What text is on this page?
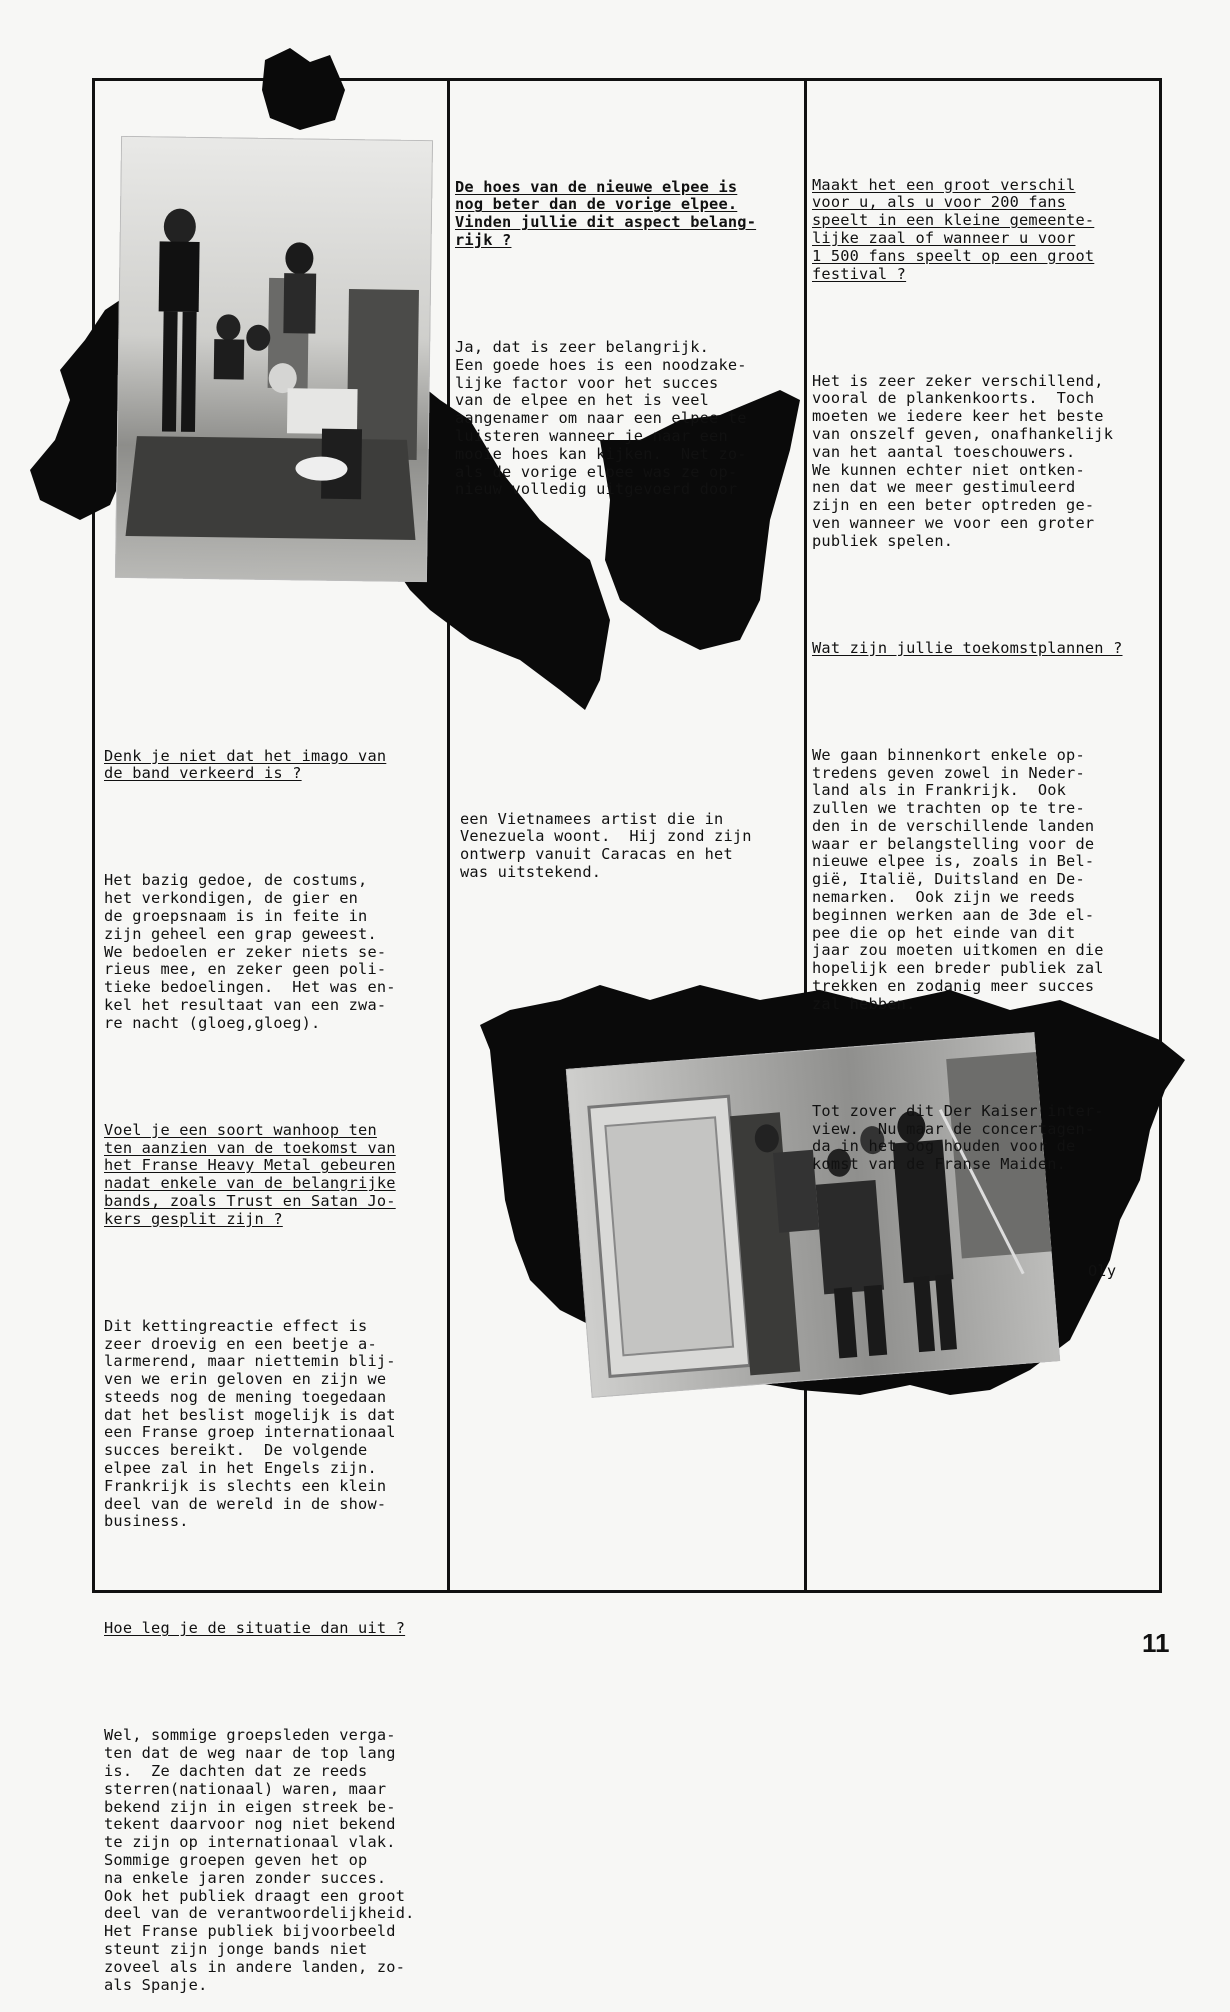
Denk je niet dat het imago van
de band verkeerd is ?

Het bazig gedoe, de costums,
het verkondigen, de gier en
de groepsnaam is in feite in
zijn geheel een grap geweest.
We bedoelen er zeker niets se-
rieus mee, en zeker geen poli-
tieke bedoelingen.  Het was en-
kel het resultaat van een zwa-
re nacht (gloeg,gloeg).

Voel je een soort wanhoop ten
ten aanzien van de toekomst van
het Franse Heavy Metal gebeuren
nadat enkele van de belangrijke
bands, zoals Trust en Satan Jo-
kers gesplit zijn ?

Dit kettingreactie effect is
zeer droevig en een beetje a-
larmerend, maar niettemin blij-
ven we erin geloven en zijn we
steeds nog de mening toegedaan
dat het beslist mogelijk is dat
een Franse groep internationaal
succes bereikt.  De volgende
elpee zal in het Engels zijn.
Frankrijk is slechts een klein
deel van de wereld in de show-
business.

Hoe leg je de situatie dan uit ?

Wel, sommige groepsleden verga-
ten dat de weg naar de top lang
is.  Ze dachten dat ze reeds
sterren(nationaal) waren, maar
bekend zijn in eigen streek be-
tekent daarvoor nog niet bekend
te zijn op internationaal vlak.
Sommige groepen geven het op
na enkele jaren zonder succes.
Ook het publiek draagt een groot
deel van de verantwoordelijkheid.
Het Franse publiek bijvoorbeeld
steunt zijn jonge bands niet
zoveel als in andere landen, zo-
als Spanje.

De hoes van de nieuwe elpee is
nog beter dan de vorige elpee.
Vinden jullie dit aspect belang-
rijk ?

Ja, dat is zeer belangrijk.
Een goede hoes is een noodzake-
lijke factor voor het succes
van de elpee en het is veel
aangenamer om naar een elpee te
luisteren wanneer je naar een
mooie hoes kan kijken.  Net zo-
als de vorige elpee was ze op-
nieuw volledig uitgevoerd door

een Vietnamees artist die in
Venezuela woont.  Hij zond zijn
ontwerp vanuit Caracas en het
was uitstekend.

Maakt het een groot verschil
voor u, als u voor 200 fans
speelt in een kleine gemeente-
lijke zaal of wanneer u voor
1 500 fans speelt op een groot
festival ?

Het is zeer zeker verschillend,
vooral de plankenkoorts.  Toch
moeten we iedere keer het beste
van onszelf geven, onafhankelijk
van het aantal toeschouwers.
We kunnen echter niet ontken-
nen dat we meer gestimuleerd
zijn en een beter optreden ge-
ven wanneer we voor een groter
publiek spelen.

Wat zijn jullie toekomstplannen ?

We gaan binnenkort enkele op-
tredens geven zowel in Neder-
land als in Frankrijk.  Ook
zullen we trachten op te tre-
den in de verschillende landen
waar er belangstelling voor de
nieuwe elpee is, zoals in Bel-
gië, Italië, Duitsland en De-
nemarken.  Ook zijn we reeds
beginnen werken aan de 3de el-
pee die op het einde van dit
jaar zou moeten uitkomen en die
hopelijk een breder publiek zal
trekken en zodanig meer succes
zal hebben.

Tot zover dit Der Kaiser inter-
view.  Nu maar de concertagen-
da in het oog houden voor de
komst van de Franse Maiden.

Oly

11
